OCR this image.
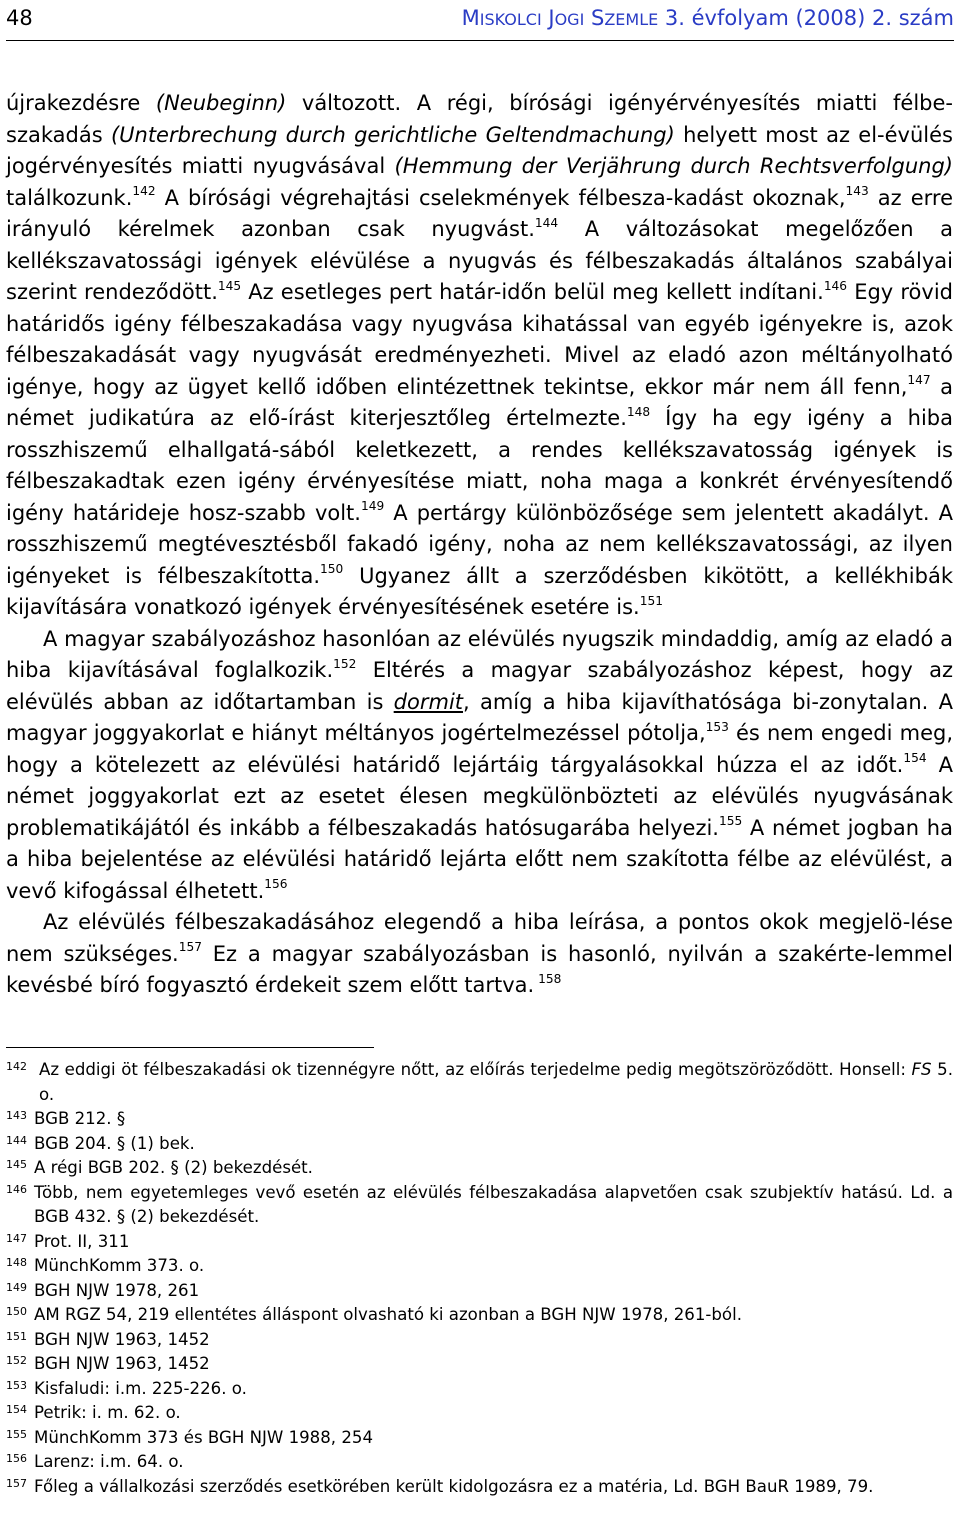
48	MISKOLCI JOGI SZEMLE 3. évfolyam (2008) 2. szám

újrakezdésre (Neubeginn) változott. A régi, bírósági igényérvényesítés miatti félbe-szakadás (Unterbrechung durch gerichtliche Geltendmachung) helyett most az el-évülés jogérvényesítés miatti nyugvásával (Hemmung der Verjährung durch Rechtsverfolgung) találkozunk.$^{142}$ A bírósági végrehajtási cselekmények félbesza-kadást okoznak,$^{143}$ az erre irányuló kérelmek azonban csak nyugvást.$^{144}$ A változásokat megelőzően a kellékszavatossági igények elévülése a nyugvás és félbeszakadás általános szabályai szerint rendeződött.$^{145}$ Az esetleges pert határ-időn belül meg kellett indítani.$^{146}$ Egy rövid határidős igény félbeszakadása vagy nyugvása kihatással van egyéb igényekre is, azok félbeszakadását vagy nyugvását eredményezheti. Mivel az eladó azon méltányolható igénye, hogy az ügyet kellő időben elintézettnek tekintse, ekkor már nem áll fenn,$^{147}$ a német judikatúra az elő-írást kiterjesztőleg értelmezte.$^{148}$ Így ha egy igény a hiba rosszhiszemű elhallgatá-sából keletkezett, a rendes kellékszavatosság igények is félbeszakadtak ezen igény érvényesítése miatt, noha maga a konkrét érvényesítendő igény határideje hosz-szabb volt.$^{149}$ A pertárgy különbözősége sem jelentett akadályt. A rosszhiszemű megtévesztésből fakadó igény, noha az nem kellékszavatossági, az ilyen igényeket is félbeszakította.$^{150}$ Ugyanez állt a szerződésben kikötött, a kellékhibák kijavítására vonatkozó igények érvényesítésének esetére is.$^{151}$

A magyar szabályozáshoz hasonlóan az elévülés nyugszik mindaddig, amíg az eladó a hiba kijavításával foglalkozik.$^{152}$ Eltérés a magyar szabályozáshoz képest, hogy az elévülés abban az időtartamban is dormit, amíg a hiba kijavíthatósága bi-zonytalan. A magyar joggyakorlat e hiányt méltányos jogértelmezéssel pótolja,$^{153}$ és nem engedi meg, hogy a kötelezett az elévülési határidő lejártáig tárgyalásokkal húzza el az időt.$^{154}$ A német joggyakorlat ezt az esetet élesen megkülönbözteti az elévülés nyugvásának problematikájától és inkább a félbeszakadás hatósugarába helyezi.$^{155}$ A német jogban ha a hiba bejelentése az elévülési határidő lejárta előtt nem szakította félbe az elévülést, a vevő kifogással élhetett.$^{156}$

Az elévülés félbeszakadásához elegendő a hiba leírása, a pontos okok megjelö-lése nem szükséges.$^{157}$ Ez a magyar szabályozásban is hasonló, nyilván a szakérte-lemmel kevésbé bíró fogyasztó érdekeit szem előtt tartva. $^{158}$

142 Az eddigi öt félbeszakadási ok tizennégyre nőtt, az előírás terjedelme pedig megötszöröződött. Honsell: FS 5. o.
143 BGB 212. §
144 BGB 204. § (1) bek.
145 A régi BGB 202. § (2) bekezdését.
146 Több, nem egyetemleges vevő esetén az elévülés félbeszakadása alapvetően csak szubjektív hatású. Ld. a BGB 432. § (2) bekezdését.
147 Prot. II, 311
148 MünchKomm 373. o.
149 BGH NJW 1978, 261
150 AM RGZ 54, 219 ellentétes álláspont olvasható ki azonban a BGH NJW 1978, 261-ból.
151 BGH NJW 1963, 1452
152 BGH NJW 1963, 1452
153 Kisfaludi: i.m. 225-226. o.
154 Petrik: i. m. 62. o.
155 MünchKomm 373 és BGH NJW 1988, 254
156 Larenz: i.m. 64. o.
157 Főleg a vállalkozási szerződés esetkörében került kidolgozásra ez a matéria, Ld. BGH BauR 1989, 79.
